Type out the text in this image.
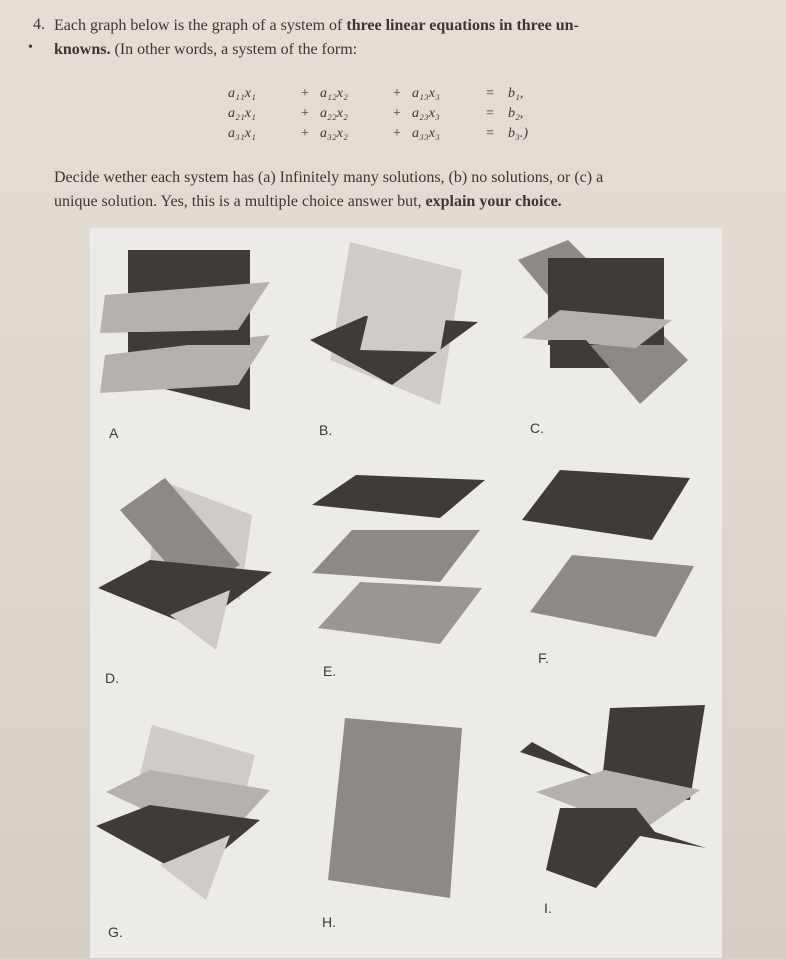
4.
•
Each graph below is the graph of a system of three linear equations in three un-
knowns. (In other words, a system of the form:
a₁₁x₁	+ a₁₂x₂	+ a₁₃x₃	=	b₁,
a₂₁x₁	+ a₂₂x₂	+ a₂₃x₃	=	b₂,
a₃₁x₁	+ a₃₂x₂	+ a₃₃x₃	=	b₃.)
Decide wether each system has (a) Infinitely many solutions, (b) no solutions, or (c) a
unique solution. Yes, this is a multiple choice answer but, explain your choice.
A	B.	C.
D.	E.
F.
G.
H.
I.
